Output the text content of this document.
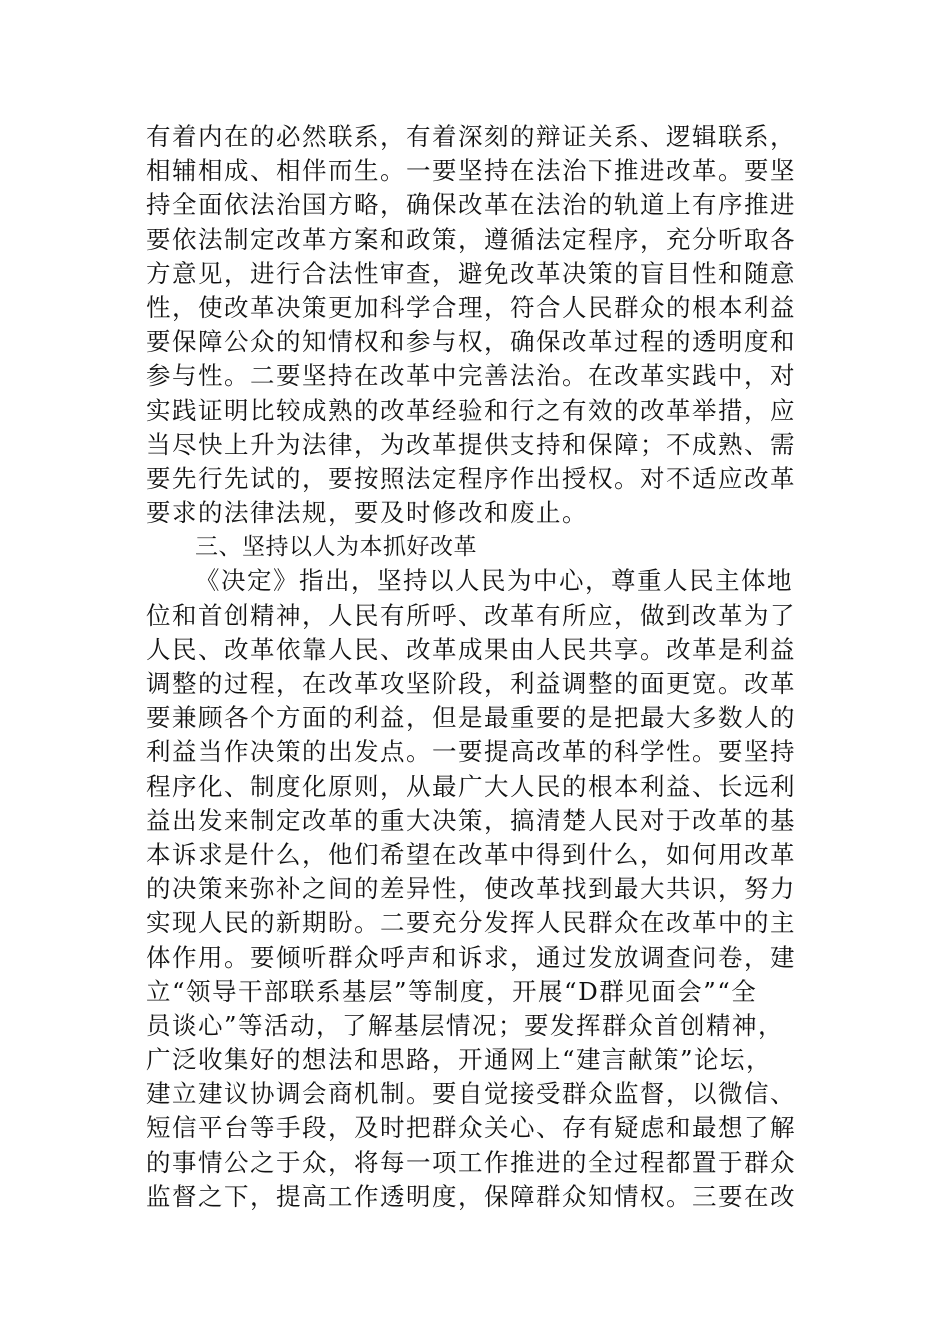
有着内在的必然联系，有着深刻的辩证关系、逻辑联系，
相辅相成、相伴而生。一要坚持在法治下推进改革。要坚
持全面依法治国方略，确保改革在法治的轨道上有序推进
要依法制定改革方案和政策，遵循法定程序，充分听取各
方意见，进行合法性审查，避免改革决策的盲目性和随意
性，使改革决策更加科学合理，符合人民群众的根本利益
要保障公众的知情权和参与权，确保改革过程的透明度和
参与性。二要坚持在改革中完善法治。在改革实践中，对
实践证明比较成熟的改革经验和行之有效的改革举措，应
当尽快上升为法律，为改革提供支持和保障；不成熟、需
要先行先试的，要按照法定程序作出授权。对不适应改革
要求的法律法规，要及时修改和废止。
三、坚持以人为本抓好改革
《决定》指出，坚持以人民为中心，尊重人民主体地
位和首创精神，人民有所呼、改革有所应，做到改革为了
人民、改革依靠人民、改革成果由人民共享。改革是利益
调整的过程，在改革攻坚阶段，利益调整的面更宽。改革
要兼顾各个方面的利益，但是最重要的是把最大多数人的
利益当作决策的出发点。一要提高改革的科学性。要坚持
程序化、制度化原则，从最广大人民的根本利益、长远利
益出发来制定改革的重大决策，搞清楚人民对于改革的基
本诉求是什么，他们希望在改革中得到什么，如何用改革
的决策来弥补之间的差异性，使改革找到最大共识，努力
实现人民的新期盼。二要充分发挥人民群众在改革中的主
体作用。要倾听群众呼声和诉求，通过发放调查问卷，建
立“领导干部联系基层”等制度，开展“D群见面会”“全
员谈心”等活动，了解基层情况；要发挥群众首创精神，
广泛收集好的想法和思路，开通网上“建言献策”论坛，
建立建议协调会商机制。要自觉接受群众监督，以微信、
短信平台等手段，及时把群众关心、存有疑虑和最想了解
的事情公之于众，将每一项工作推进的全过程都置于群众
监督之下，提高工作透明度，保障群众知情权。三要在改
